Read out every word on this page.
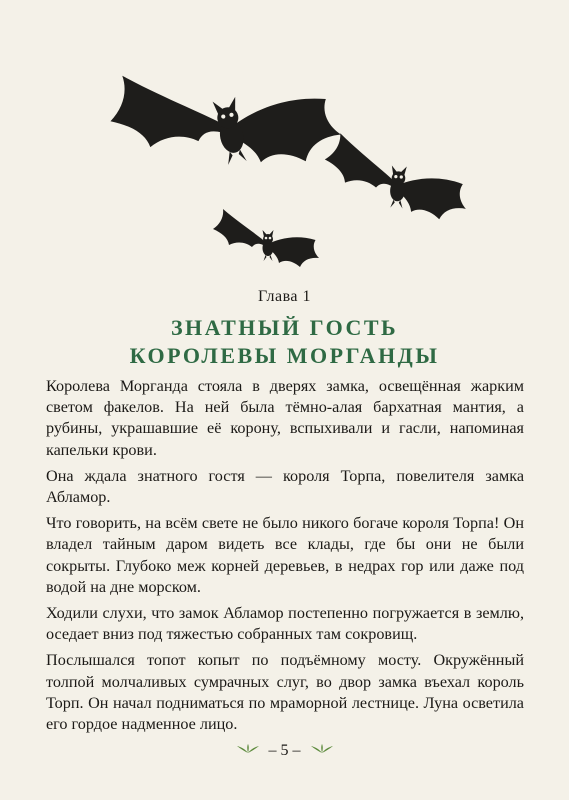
Глава 1
ЗНАТНЫЙ ГОСТЬ
КОРОЛЕВЫ МОРГАНДЫ

Королева Морганда стояла в дверях замка, освещённая жарким светом факелов. На ней была тёмно-алая бархатная мантия, а рубины, украшавшие её корону, вспыхивали и гасли, напоминая капельки крови.

Она ждала знатного гостя — короля Торпа, повелителя замка Абламор.

Что говорить, на всём свете не было никого богаче короля Торпа! Он владел тайным даром видеть все клады, где бы они не были сокрыты. Глубоко меж корней деревьев, в недрах гор или даже под водой на дне морском.

Ходили слухи, что замок Абламор постепенно погружается в землю, оседает вниз под тяжестью собранных там сокровищ.

Послышался топот копыт по подъёмному мосту. Окружённый толпой молчаливых сумрачных слуг, во двор замка въехал король Торп. Он начал подниматься по мраморной лестнице. Луна осветила его гордое надменное лицо.

– 5 –
